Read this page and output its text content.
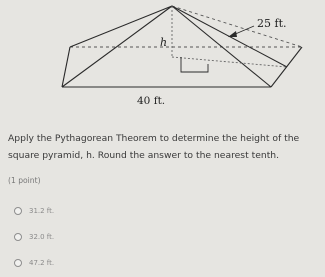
25 ft.
h
40 ft.
Apply the Pythagorean Theorem to determine the height of the square pyramid, h. Round the answer to the nearest tenth.
(1 point)
31.2 ft.
32.0 ft.
47.2 ft.
